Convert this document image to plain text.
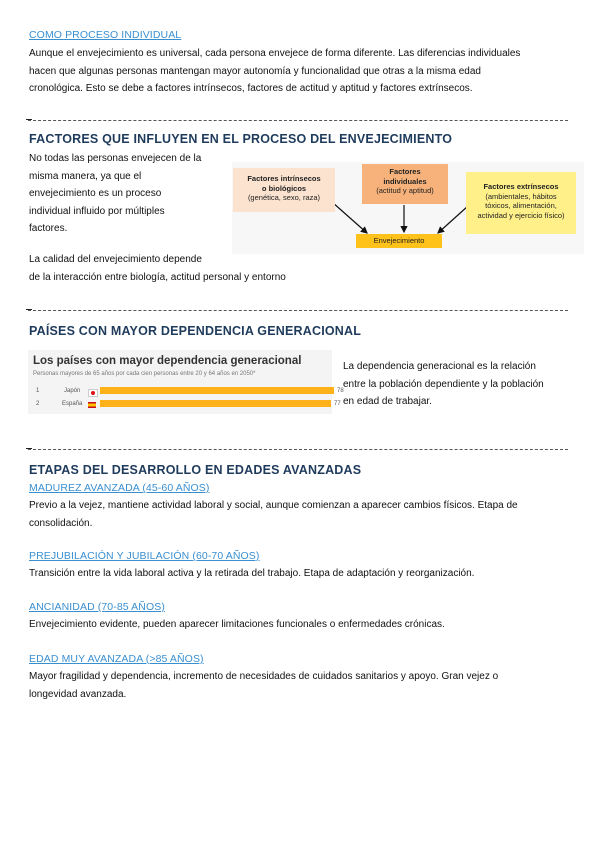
COMO PROCESO INDIVIDUAL
Aunque el envejecimiento es universal, cada persona envejece de forma diferente. Las diferencias individuales
hacen que algunas personas mantengan mayor autonomía y funcionalidad que otras a la misma edad
cronológica. Esto se debe a factores intrínsecos, factores de actitud y aptitud y factores extrínsecos.
FACTORES QUE INFLUYEN EN EL PROCESO DEL ENVEJECIMIENTO
No todas las personas envejecen de la
misma manera, ya que el
envejecimiento es un proceso
individual influido por múltiples
factores.
Factores intrínsecos
o biológicos
(genética, sexo, raza)
Factores
individuales
(actitud y aptitud)	Factores extrínsecos
(ambientales, hábitos
tóxicos, alimentación,
actividad y ejercicio físico)
Envejecimiento
La calidad del envejecimiento depende
de la interacción entre biología, actitud personal y entorno
PAÍSES CON MAYOR DEPENDENCIA GENERACIONAL
Los países con mayor dependencia generacional
Personas mayores de 65 años por cada cien personas entre 20 y 64 años en 2050*
1	Japón	78
2	España	77
La dependencia generacional es la relación
entre la población dependiente y la población
en edad de trabajar.
ETAPAS DEL DESARROLLO EN EDADES AVANZADAS
MADUREZ AVANZADA (45-60 AÑOS)
Previo a la vejez, mantiene actividad laboral y social, aunque comienzan a aparecer cambios físicos. Etapa de
consolidación.
PREJUBILACIÓN Y JUBILACIÓN (60-70 AÑOS)
Transición entre la vida laboral activa y la retirada del trabajo. Etapa de adaptación y reorganización.
ANCIANIDAD (70-85 AÑOS)
Envejecimiento evidente, pueden aparecer limitaciones funcionales o enfermedades crónicas.
EDAD MUY AVANZADA (>85 AÑOS)
Mayor fragilidad y dependencia, incremento de necesidades de cuidados sanitarios y apoyo. Gran vejez o
longevidad avanzada.
